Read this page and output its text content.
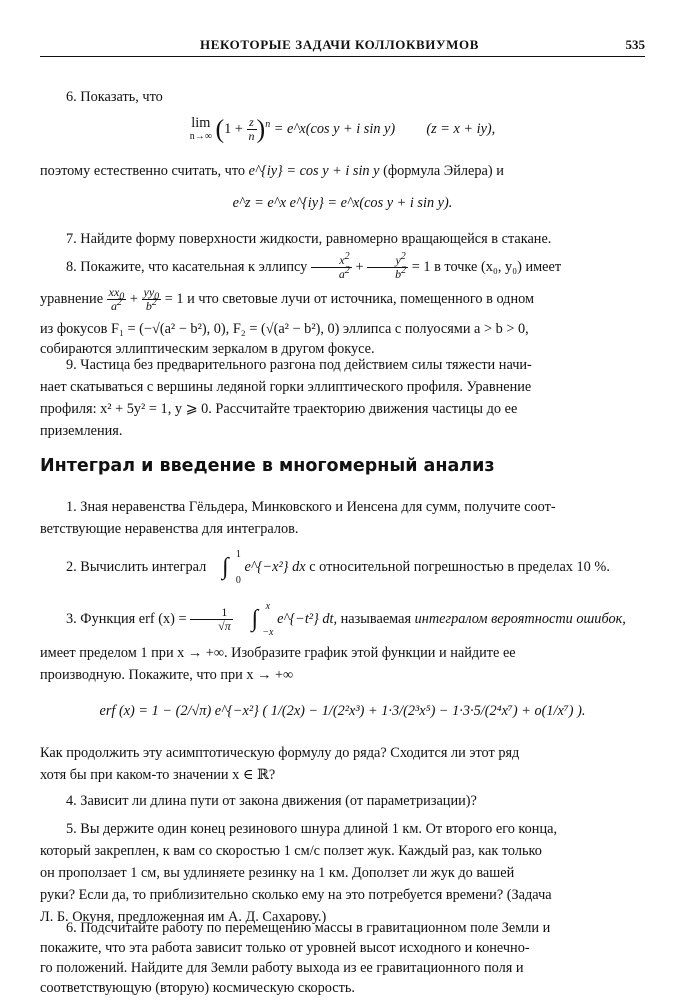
НЕКОТОРЫЕ ЗАДАЧИ КОЛЛОКВИУМОВ	535

6. Показать, что

lim
n→∞ $(1 + \frac{z}{n} )^n$ = e^x(cos y + i sin y) (z = x + iy),

поэтому естественно считать, что e^{iy} = cos y + i sin y (формула Эйлера) и

e^z = e^x e^{iy} = e^x(cos y + i sin y).

7. Найдите форму поверхности жидкости, равномерно вращающейся в стакане.

8. Покажите, что касательная к эллипсу $\frac{x^2}{a^2} + \frac{y^2}{b^2} = 1$ в точке (x₀, y₀) имеет

уравнение $\frac{xx_0}{a^2} + \frac{yy_0}{b^2} = 1$ и что световые лучи от источника, помещенного в одном

из фокусов F₁ = (−√(a² − b²), 0), F₂ = (√(a² − b²), 0) эллипса с полуосями a > b > 0,

собираются эллиптическим зеркалом в другом фокусе.

9. Частица без предварительного разгона под действием силы тяжести начи-

нает скатываться с вершины ледяной горки эллиптического профиля. Уравнение

профиля: x² + 5y² = 1, y ⩾ 0. Рассчитайте траекторию движения частицы до ее

приземления.

Интеграл и введение в многомерный анализ

1. Зная неравенства Гёльдера, Минковского и Иенсена для сумм, получите соот-

ветствующие неравенства для интегралов.

2. Вычислить интеграл
1
∫
0
e^{−x²} dx с относительной погрешностью в пределах 10 %.

3. Функция erf $(x) = \frac{1}{√\pi}$
	x
∫
−x
e^{−t²} dt, называемая интегралом вероятности ошибок,

имеет пределом 1 при x → +∞. Изобразите график этой функции и найдите ее

производную. Покажите, что при x → +∞

erf (x) = 1 − (2/√π) e^{−x²} ( 1/(2x) − 1/(2²x³) + 1·3/(2³x⁵) − 1·3·5/(2⁴x⁷) + o(1/x⁷) ).

Как продолжить эту асимптотическую формулу до ряда? Сходится ли этот ряд

хотя бы при каком-то значении x ∈ ℝ?

4. Зависит ли длина пути от закона движения (от параметризации)?

5. Вы держите один конец резинового шнура длиной 1 км. От второго его конца,

который закреплен, к вам со скоростью 1 см/с ползет жук. Каждый раз, как только

он проползает 1 см, вы удлиняете резинку на 1 км. Доползет ли жук до вашей

руки? Если да, то приблизительно сколько ему на это потребуется времени? (Задача

Л. Б. Окуня, предложенная им А. Д. Сахарову.)

6. Подсчитайте работу по перемещению массы в гравитационном поле Земли и

покажите, что эта работа зависит только от уровней высот исходного и конечно-

го положений. Найдите для Земли работу выхода из ее гравитационного поля и

соответствующую (вторую) космическую скорость.
